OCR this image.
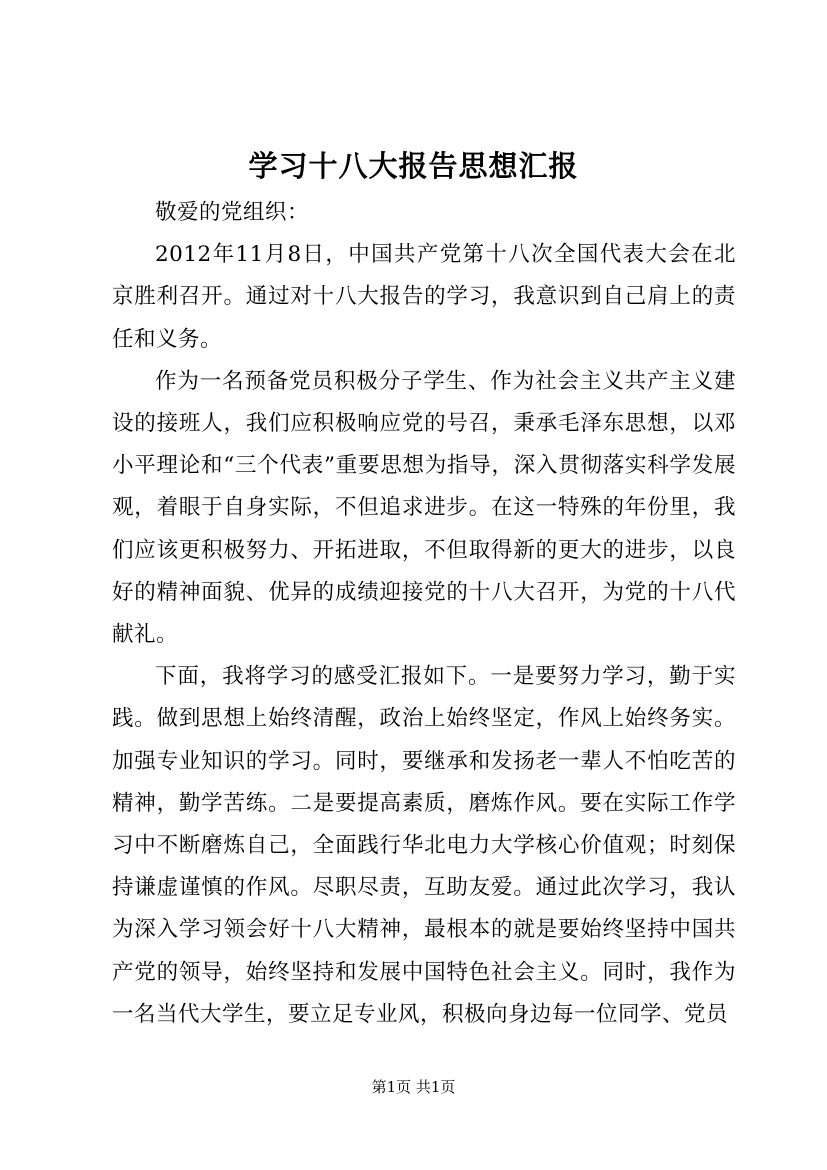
学习十八大报告思想汇报

敬爱的党组织：

2012年11月8日，中国共产党第十八次全国代表大会在北京胜利召开。通过对十八大报告的学习，我意识到自己肩上的责任和义务。

作为一名预备党员积极分子学生、作为社会主义共产主义建设的接班人，我们应积极响应党的号召，秉承毛泽东思想，以邓小平理论和“三个代表”重要思想为指导，深入贯彻落实科学发展观，着眼于自身实际，不但追求进步。在这一特殊的年份里，我们应该更积极努力、开拓进取，不但取得新的更大的进步，以良好的精神面貌、优异的成绩迎接党的十八大召开，为党的十八代献礼。

下面，我将学习的感受汇报如下。一是要努力学习，勤于实践。做到思想上始终清醒，政治上始终坚定，作风上始终务实。加强专业知识的学习。同时，要继承和发扬老一辈人不怕吃苦的精神，勤学苦练。二是要提高素质，磨炼作风。要在实际工作学习中不断磨炼自己，全面践行华北电力大学核心价值观；时刻保持谦虚谨慎的作风。尽职尽责，互助友爱。通过此次学习，我认为深入学习领会好十八大精神，最根本的就是要始终坚持中国共产党的领导，始终坚持和发展中国特色社会主义。同时，我作为一名当代大学生，要立足专业风，积极向身边每一位同学、党员

第1页 共1页
